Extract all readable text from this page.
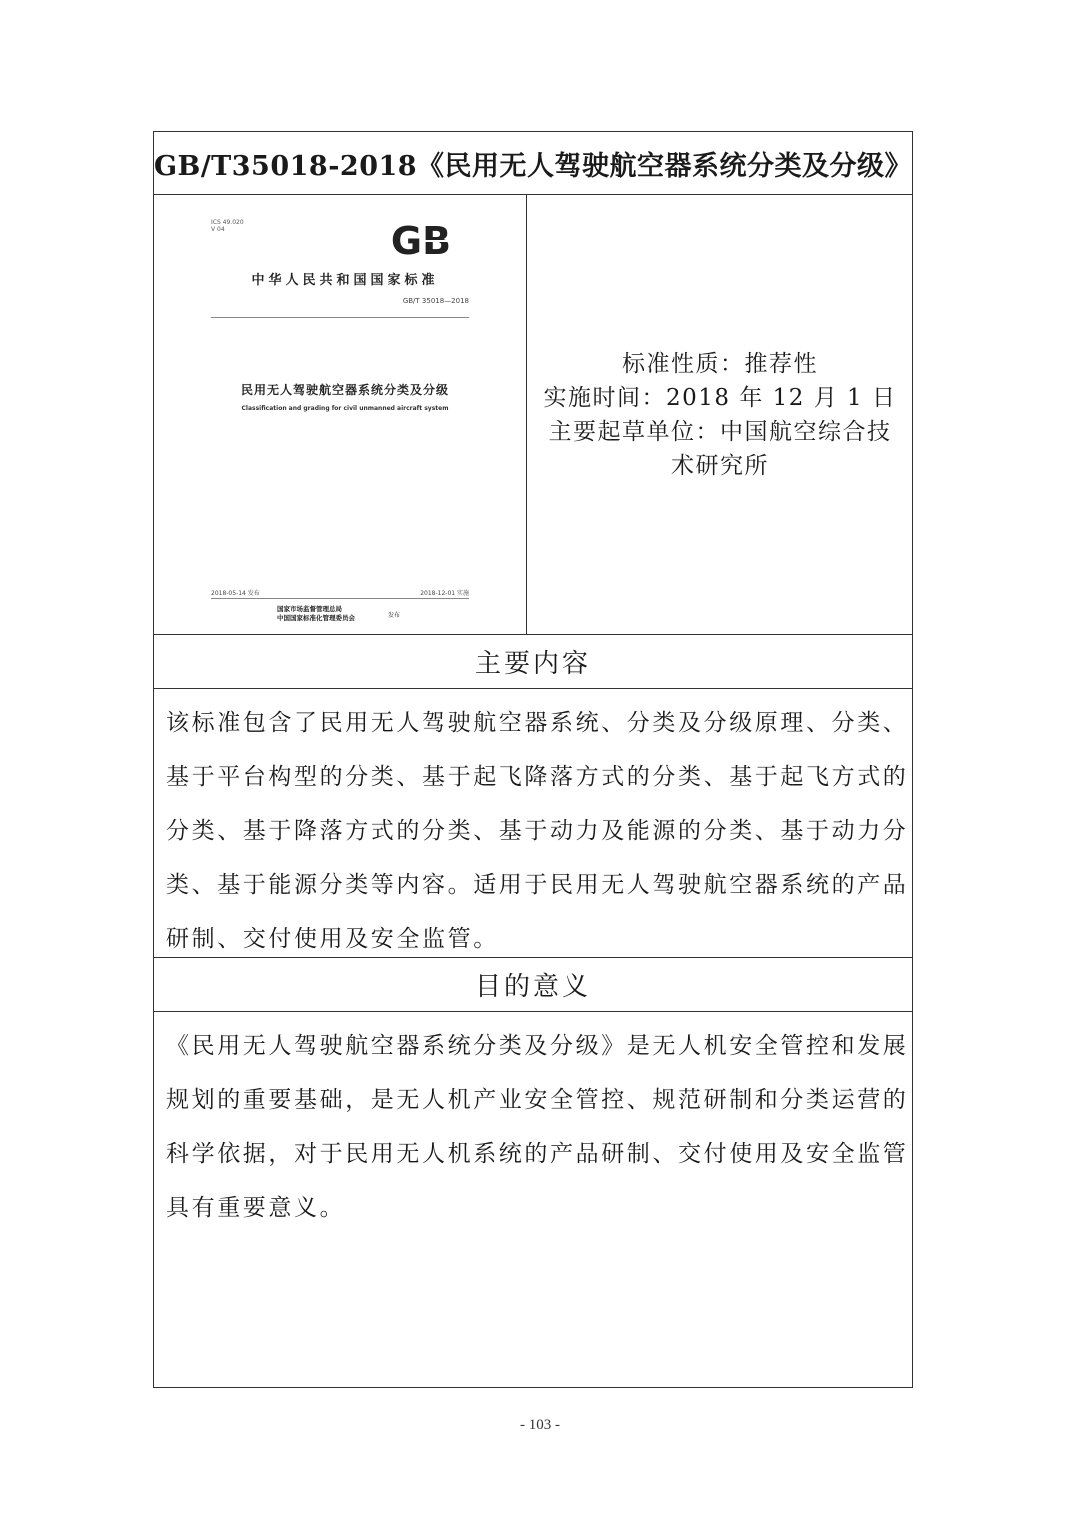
GB/T35018-2018《民用无人驾驶航空器系统分类及分级》
ICS 49.020
V 04	GB
中华人民共和国国家标准
GB/T 35018—2018
民用无人驾驶航空器系统分类及分级
Classification and grading for civil unmanned aircraft system
2018-05-14 发布	2018-12-01 实施
国家市场监督管理总局
中国国家标准化管理委员会	发布
标准性质：推荐性
实施时间：2018 年 12 月 1 日
主要起草单位：中国航空综合技
术研究所
主要内容
该标准包含了民用无人驾驶航空器系统、分类及分级原理、分类、
基于平台构型的分类、基于起飞降落方式的分类、基于起飞方式的
分类、基于降落方式的分类、基于动力及能源的分类、基于动力分
类、基于能源分类等内容。适用于民用无人驾驶航空器系统的产品
研制、交付使用及安全监管。
目的意义
《民用无人驾驶航空器系统分类及分级》是无人机安全管控和发展
规划的重要基础，是无人机产业安全管控、规范研制和分类运营的
科学依据，对于民用无人机系统的产品研制、交付使用及安全监管
具有重要意义。
- 103 -
